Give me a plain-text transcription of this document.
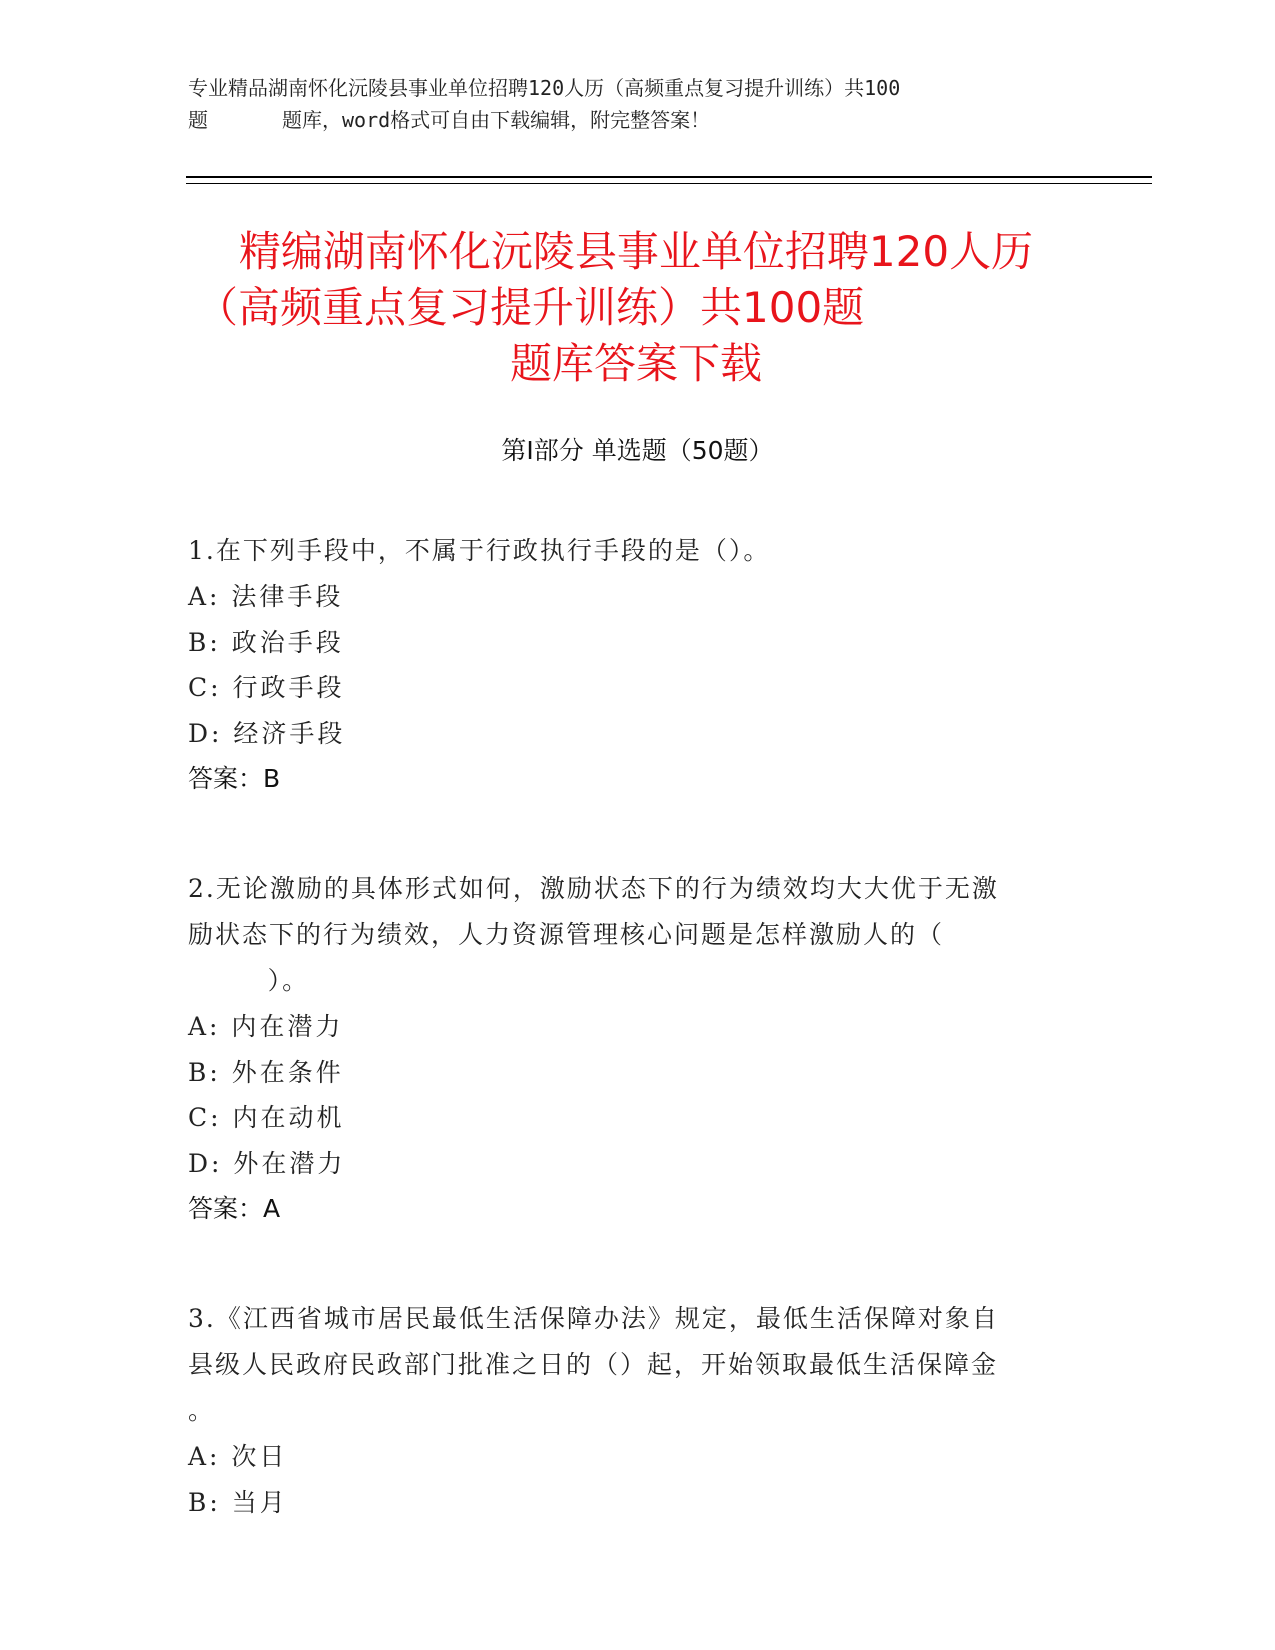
专业精品湖南怀化沅陵县事业单位招聘120人历（高频重点复习提升训练）共100
题	题库，word格式可自由下载编辑，附完整答案！
精编湖南怀化沅陵县事业单位招聘120人历
（高频重点复习提升训练）共100题
题库答案下载
第Ⅰ部分 单选题（50题）
1.在下列手段中，不属于行政执行手段的是（）。
A: 法律手段
B: 政治手段
C: 行政手段
D: 经济手段
答案：B
2.无论激励的具体形式如何，激励状态下的行为绩效均大大优于无激
励状态下的行为绩效，人力资源管理核心问题是怎样激励人的（
）。
A: 内在潜力
B: 外在条件
C: 内在动机
D: 外在潜力
答案：A
3.《江西省城市居民最低生活保障办法》规定，最低生活保障对象自
县级人民政府民政部门批准之日的（）起，开始领取最低生活保障金
。
A: 次日
B: 当月
